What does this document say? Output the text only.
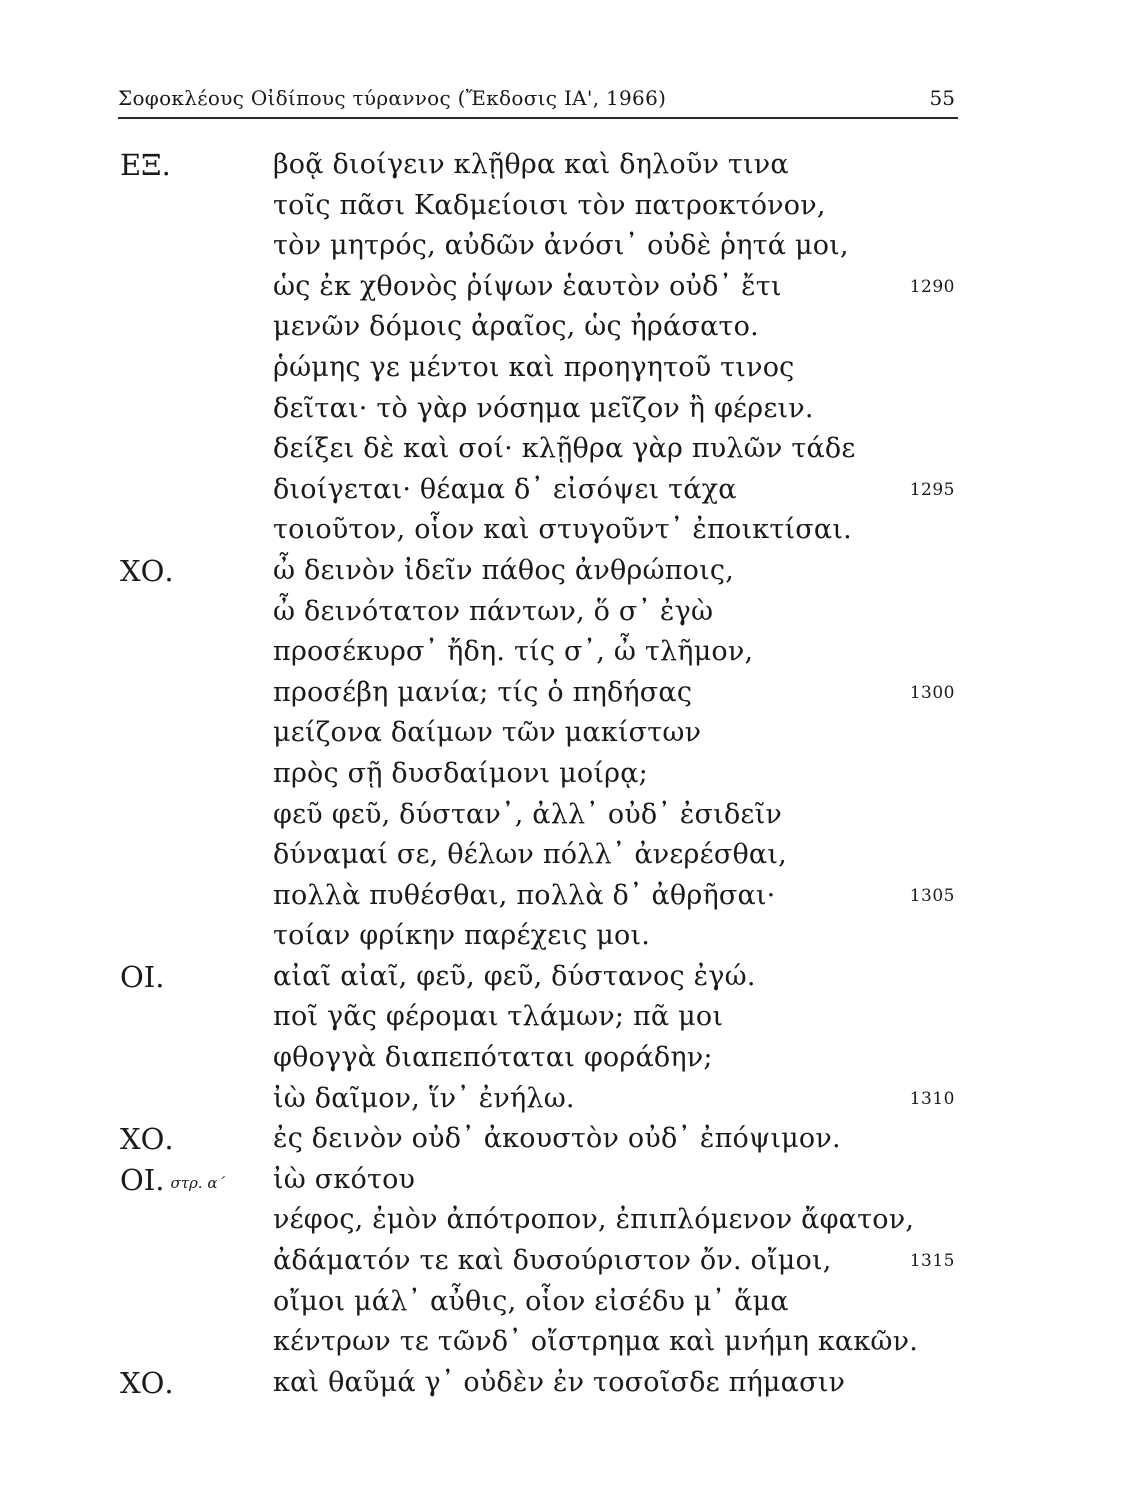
Σοφοκλέους Οἰδίπους τύραννος (Ἔκδοσις ΙΑ', 1966)	55
ΕΞ.	βοᾷ διοίγειν κλῇθρα καὶ δηλοῦν τινα
τοῖς πᾶσι Καδμείοισι τὸν πατροκτόνον,
τὸν μητρός, αὐδῶν ἀνόσι᾽ οὐδὲ ῥητά μοι,
ὡς ἐκ χθονὸς ῥίψων ἑαυτὸν οὐδ᾽ ἔτι	1290
μενῶν δόμοις ἀραῖος, ὡς ἠράσατο.
ῥώμης γε μέντοι καὶ προηγητοῦ τινος
δεῖται· τὸ γὰρ νόσημα μεῖζον ἢ φέρειν.
δείξει δὲ καὶ σοί· κλῇθρα γὰρ πυλῶν τάδε
διοίγεται· θέαμα δ᾽ εἰσόψει τάχα	1295
τοιοῦτον, οἷον καὶ στυγοῦντ᾽ ἐποικτίσαι.
ΧΟ.	ὦ δεινὸν ἰδεῖν πάθος ἀνθρώποις,
ὦ δεινότατον πάντων, ὅ σ᾽ ἐγὼ
προσέκυρσ᾽ ἤδη. τίς σ᾽, ὦ τλῆμον,
προσέβη μανία; τίς ὁ πηδήσας	1300
μείζονα δαίμων τῶν μακίστων
πρὸς σῇ δυσδαίμονι μοίρᾳ;
φεῦ φεῦ, δύσταν᾽, ἀλλ᾽ οὐδ᾽ ἐσιδεῖν
δύναμαί σε, θέλων πόλλ᾽ ἀνερέσθαι,
πολλὰ πυθέσθαι, πολλὰ δ᾽ ἀθρῆσαι·	1305
τοίαν φρίκην παρέχεις μοι.
ΟΙ.	αἰαῖ αἰαῖ, φεῦ, φεῦ, δύστανος ἐγώ.
ποῖ γᾶς φέρομαι τλάμων; πᾶ μοι
φθογγὰ διαπεπόταται φοράδην;
ἰὼ δαῖμον, ἵν᾽ ἐνήλω.	1310
ΧΟ.	ἐς δεινὸν οὐδ᾽ ἀκουστὸν οὐδ᾽ ἐπόψιμον.
ΟΙ. στρ. α΄ ἰὼ σκότου
νέφος, ἐμὸν ἀπότροπον, ἐπιπλόμενον ἄφατον,
ἀδάματόν τε καὶ δυσούριστον ὄν. οἴμοι,	1315
οἴμοι μάλ᾽ αὖθις, οἷον εἰσέδυ μ᾽ ἅμα
κέντρων τε τῶνδ᾽ οἴστρημα καὶ μνήμη κακῶν.
ΧΟ.	καὶ θαῦμά γ᾽ οὐδὲν ἐν τοσοῖσδε πήμασιν
